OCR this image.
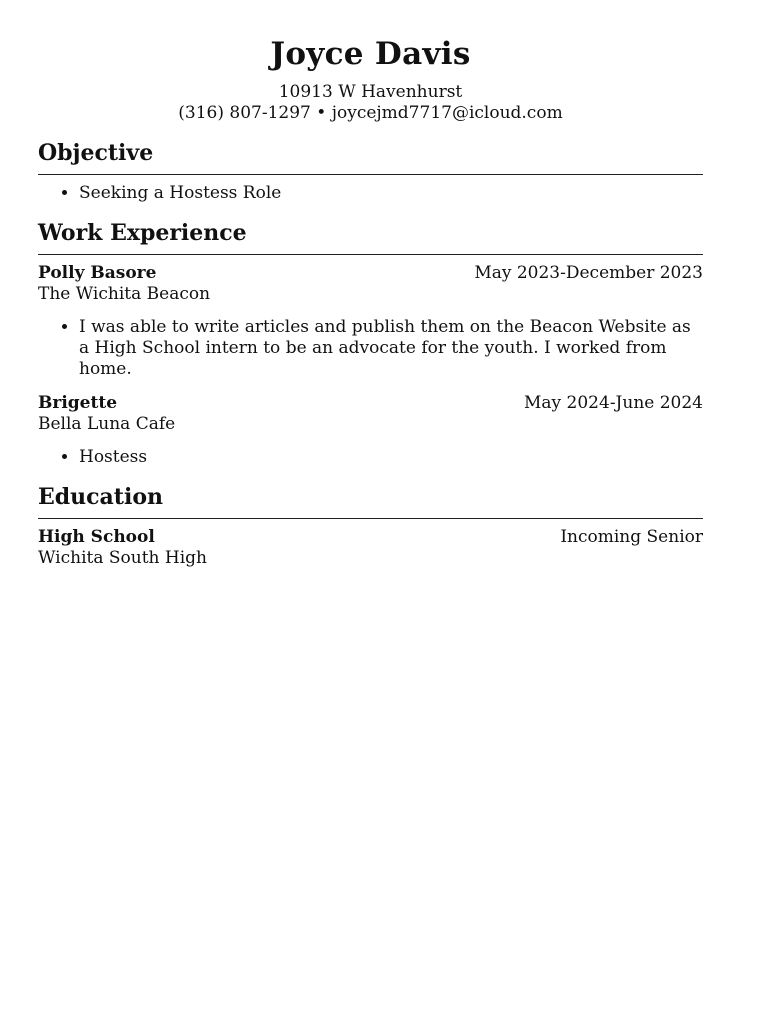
Joyce Davis

10913 W Havenhurst

(316) 807-1297 • joycejmd7717@icloud.com

Objective
• Seeking a Hostess Role
Work Experience
Polly Basore	May 2023-December 2023
The Wichita Beacon
• I was able to write articles and publish them on the Beacon Website as a High School intern to be an advocate for the youth. I worked from home.
Brigette	May 2024-June 2024
Bella Luna Cafe
• Hostess
Education
High School	Incoming Senior
Wichita South High
